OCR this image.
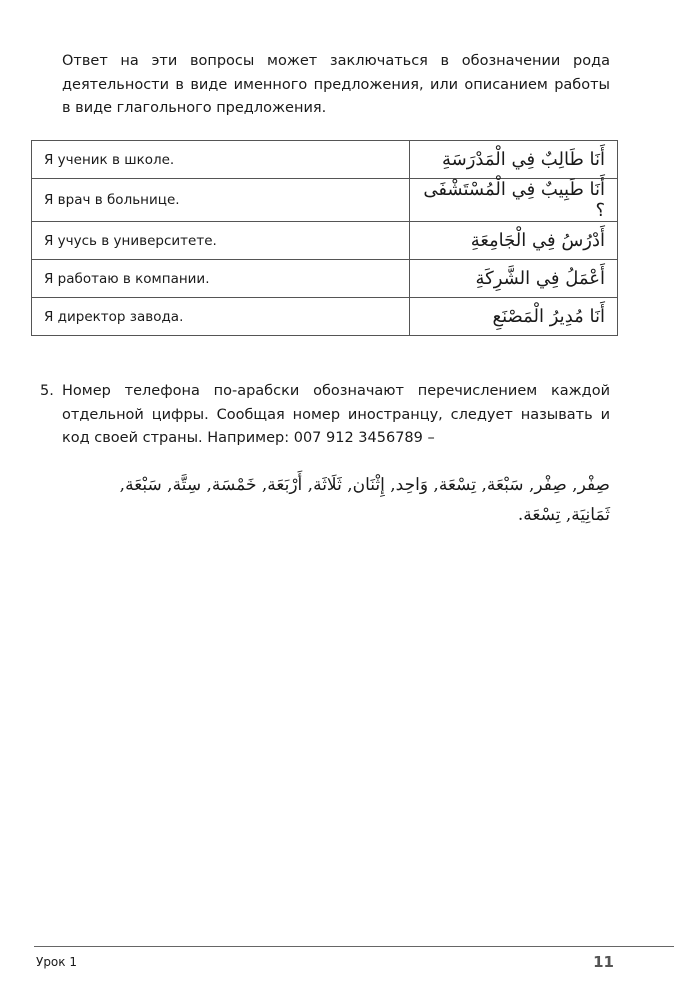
Ответ на эти вопросы может заключаться в обозначении рода деятельности в виде именного предложения, или описанием работы в виде глагольного предложения.

Я ученик в школе.	أَنَا طَالِبٌ فِي الْمَدْرَسَةِ
Я врач в больнице.	أَنَا طَبِيبٌ فِي الْمُسْتَشْفَى ؟
Я учусь в университете.	أَدْرُسُ فِي الْجَامِعَةِ
Я работаю в компании.	أَعْمَلُ فِي الشَّرِكَةِ
Я директор завода.	أَنَا مُدِيرُ الْمَصْنَعِ
5. Номер телефона по-арабски обозначают перечислением каждой отдельной цифры. Сообщая номер иностранцу, следует называть и код своей страны. Например: 007 912 3456789 –
صِفْر, صِفْر, سَبْعَة, تِسْعَة, وَاحِد, إِثْنَان, ثَلَاثَة, أَرْبَعَة, خَمْسَة, سِتَّة, سَبْعَة, ثَمَانِيَة, تِسْعَة.
Урок 1	11
